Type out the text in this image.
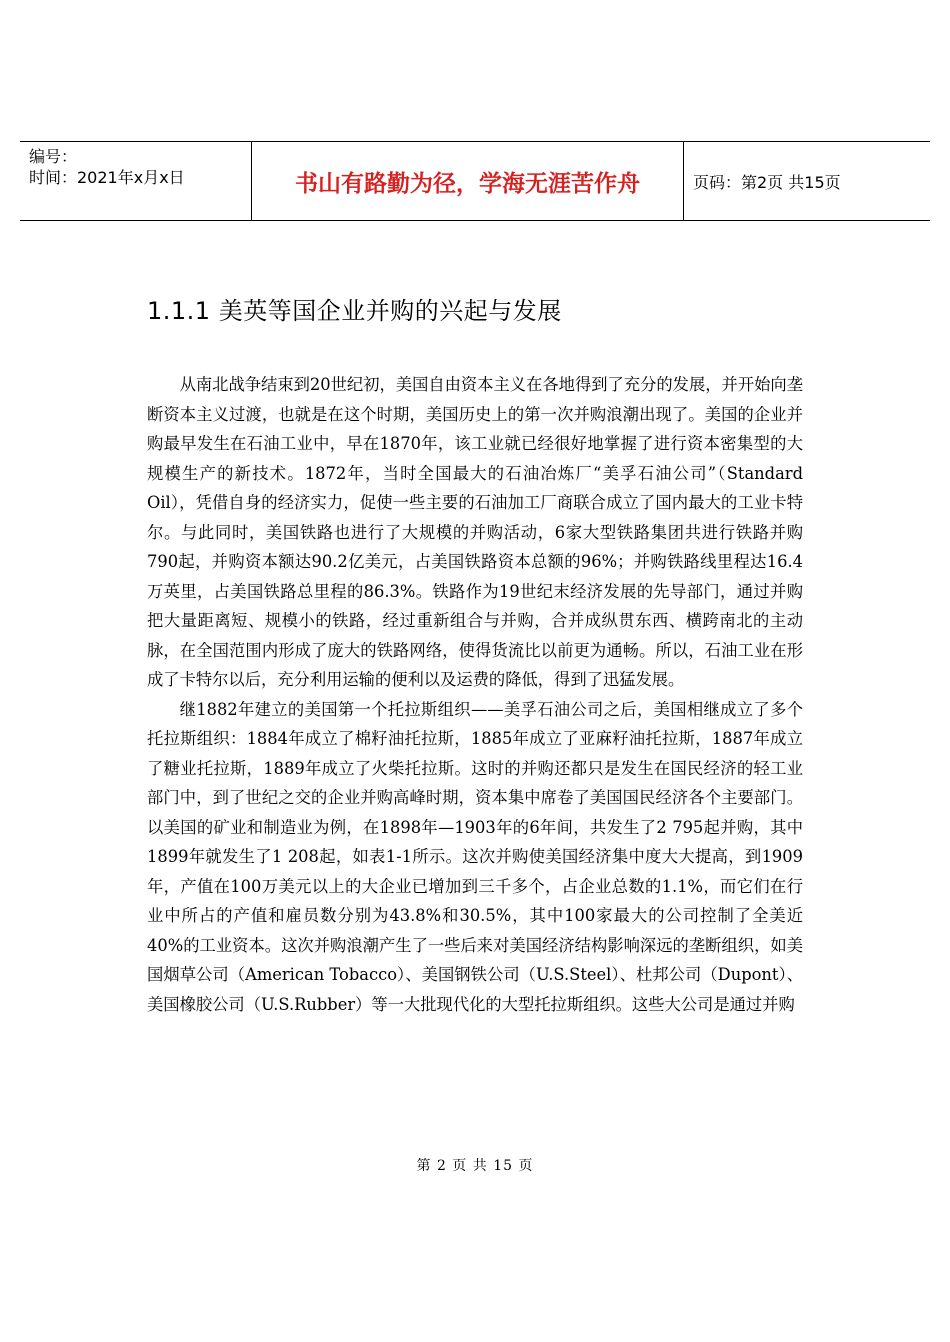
编号：
时间：2021年x月x日	书山有路勤为径，学海无涯苦作舟	页码：第2页 共15页
1.1.1 美英等国企业并购的兴起与发展

从南北战争结束到20世纪初，美国自由资本主义在各地得到了充分的发展，并开始向垄断资本主义过渡，也就是在这个时期，美国历史上的第一次并购浪潮出现了。美国的企业并购最早发生在石油工业中，早在1870年，该工业就已经很好地掌握了进行资本密集型的大规模生产的新技术。1872年，当时全国最大的石油冶炼厂“美孚石油公司”（Standard Oil），凭借自身的经济实力，促使一些主要的石油加工厂商联合成立了国内最大的工业卡特尔。与此同时，美国铁路也进行了大规模的并购活动，6家大型铁路集团共进行铁路并购790起，并购资本额达90.2亿美元，占美国铁路资本总额的96%；并购铁路线里程达16.4万英里，占美国铁路总里程的86.3%。铁路作为19世纪末经济发展的先导部门，通过并购把大量距离短、规模小的铁路，经过重新组合与并购，合并成纵贯东西、横跨南北的主动脉，在全国范围内形成了庞大的铁路网络，使得货流比以前更为通畅。所以，石油工业在形成了卡特尔以后，充分利用运输的便利以及运费的降低，得到了迅猛发展。

继1882年建立的美国第一个托拉斯组织——美孚石油公司之后，美国相继成立了多个托拉斯组织：1884年成立了棉籽油托拉斯，1885年成立了亚麻籽油托拉斯，1887年成立了糖业托拉斯，1889年成立了火柴托拉斯。这时的并购还都只是发生在国民经济的轻工业部门中，到了世纪之交的企业并购高峰时期，资本集中席卷了美国国民经济各个主要部门。以美国的矿业和制造业为例，在1898年—1903年的6年间，共发生了2 795起并购，其中1899年就发生了1 208起，如表1-1所示。这次并购使美国经济集中度大大提高，到1909年，产值在100万美元以上的大企业已增加到三千多个，占企业总数的1.1%，而它们在行业中所占的产值和雇员数分别为43.8%和30.5%，其中100家最大的公司控制了全美近40%的工业资本。这次并购浪潮产生了一些后来对美国经济结构影响深远的垄断组织，如美国烟草公司（American Tobacco）、美国钢铁公司（U.S.Steel）、杜邦公司（Dupont）、美国橡胶公司（U.S.Rubber）等一大批现代化的大型托拉斯组织。这些大公司是通过并购

第 2 页 共 15 页
